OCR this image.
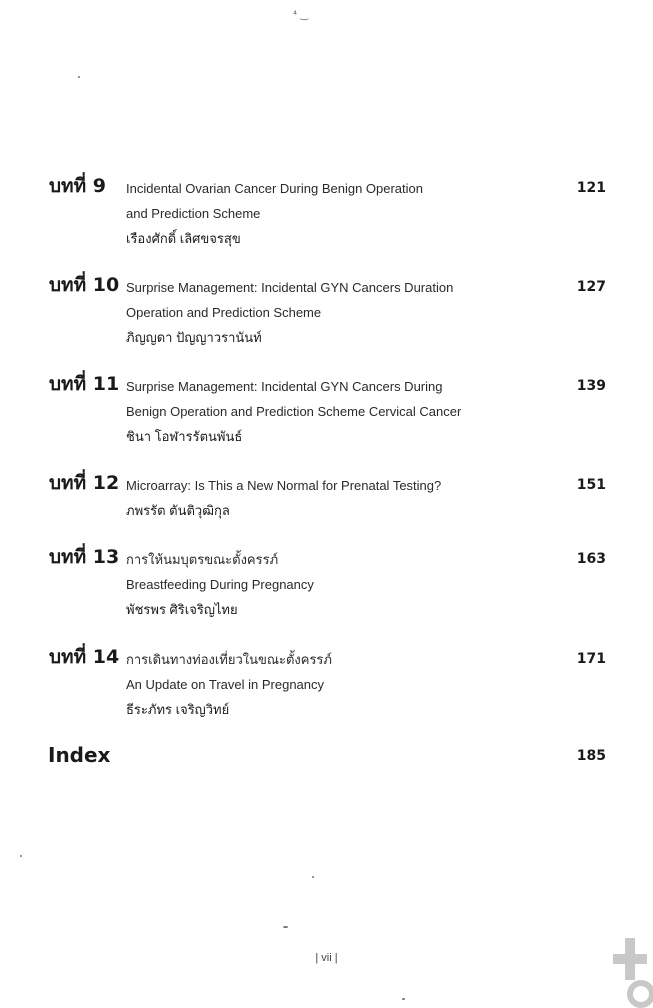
⁴ ‿
บทที่ 9 Incidental Ovarian Cancer During Benign Operation
and Prediction Scheme
เรืองศักดิ์ เลิศขจรสุข
121
บทที่ 10 Surprise Management: Incidental GYN Cancers Duration
Operation and Prediction Scheme
ภิญญดา ปัญญาวรานันท์
127
บทที่ 11 Surprise Management: Incidental GYN Cancers During
Benign Operation and Prediction Scheme Cervical Cancer
ชินา โอฬารรัตนพันธ์
139
บทที่ 12 Microarray: Is This a New Normal for Prenatal Testing?
ภพรรัต ตันติวุฒิกุล
151
บทที่ 13 การให้นมบุตรขณะตั้งครรภ์
Breastfeeding During Pregnancy
พัชรพร ศิริเจริญไทย
163
บทที่ 14 การเดินทางท่องเที่ยวในขณะตั้งครรภ์
An Update on Travel in Pregnancy
ธีระภัทร เจริญวิทย์
171
Index	185
| vii |
